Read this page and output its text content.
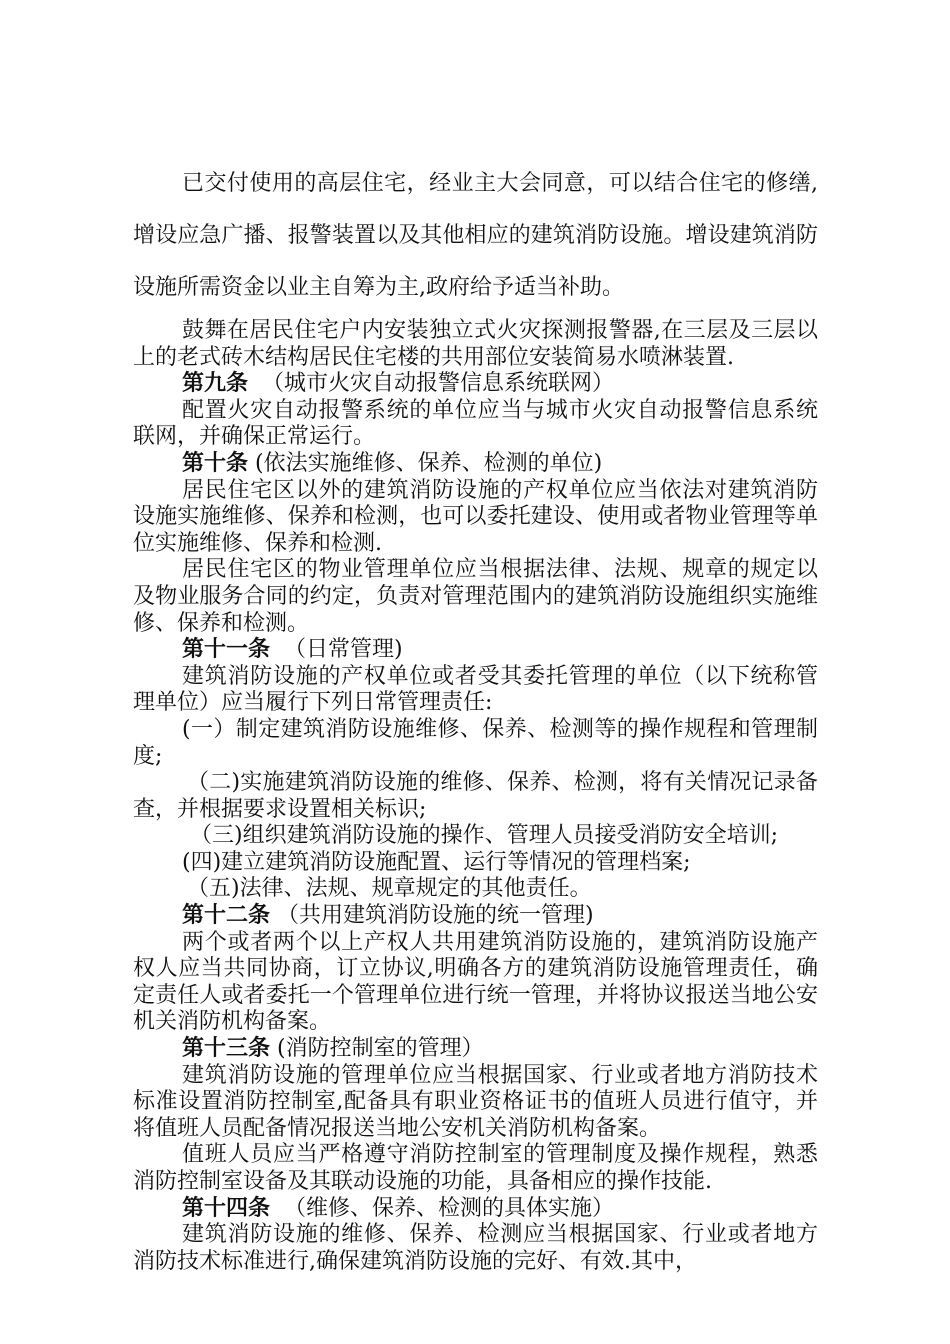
已交付使用的高层住宅，经业主大会同意，可以结合住宅的修缮,增设应急广播、报警装置以及其他相应的建筑消防设施。增设建筑消防设施所需资金以业主自筹为主,政府给予适当补助。

鼓舞在居民住宅户内安装独立式火灾探测报警器,在三层及三层以上的老式砖木结构居民住宅楼的共用部位安装简易水喷淋装置.

第九条 （城市火灾自动报警信息系统联网）

配置火灾自动报警系统的单位应当与城市火灾自动报警信息系统联网，并确保正常运行。

第十条 (依法实施维修、保养、检测的单位)

居民住宅区以外的建筑消防设施的产权单位应当依法对建筑消防设施实施维修、保养和检测，也可以委托建设、使用或者物业管理等单位实施维修、保养和检测.

居民住宅区的物业管理单位应当根据法律、法规、规章的规定以及物业服务合同的约定，负责对管理范围内的建筑消防设施组织实施维修、保养和检测。

第十一条 （日常管理)

建筑消防设施的产权单位或者受其委托管理的单位（以下统称管理单位）应当履行下列日常管理责任:

(一）制定建筑消防设施维修、保养、检测等的操作规程和管理制度;

（二)实施建筑消防设施的维修、保养、检测，将有关情况记录备查，并根据要求设置相关标识;

（三)组织建筑消防设施的操作、管理人员接受消防安全培训;

(四)建立建筑消防设施配置、运行等情况的管理档案;

（五)法律、法规、规章规定的其他责任。

第十二条 （共用建筑消防设施的统一管理)

两个或者两个以上产权人共用建筑消防设施的，建筑消防设施产权人应当共同协商，订立协议,明确各方的建筑消防设施管理责任，确定责任人或者委托一个管理单位进行统一管理，并将协议报送当地公安机关消防机构备案。

第十三条 (消防控制室的管理）

建筑消防设施的管理单位应当根据国家、行业或者地方消防技术标准设置消防控制室,配备具有职业资格证书的值班人员进行值守，并将值班人员配备情况报送当地公安机关消防机构备案。

值班人员应当严格遵守消防控制室的管理制度及操作规程，熟悉消防控制室设备及其联动设施的功能，具备相应的操作技能.

第十四条 （维修、保养、检测的具体实施）

建筑消防设施的维修、保养、检测应当根据国家、行业或者地方消防技术标准进行,确保建筑消防设施的完好、有效.其中，
